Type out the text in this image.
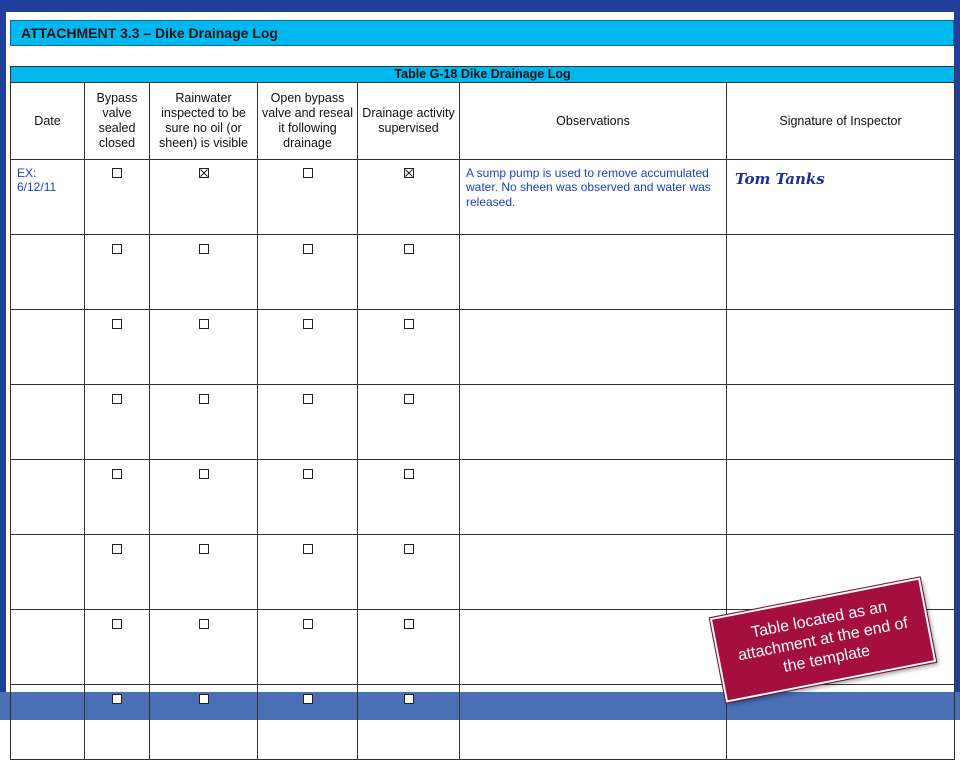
ATTACHMENT 3.3 – Dike Drainage Log
Table G-18 Dike Drainage Log						
Date	Bypass valve sealed closed	Rainwater inspected to be sure no oil (or sheen) is visible	Open bypass valve and reseal it following drainage	Drainage activity supervised	Observations	Signature of Inspector

EX:
6/12/11					A sump pump is used to remove accumulated water. No sheen was observed and water was released.	Tom Tanks

Table located as an attachment at the end of the template
